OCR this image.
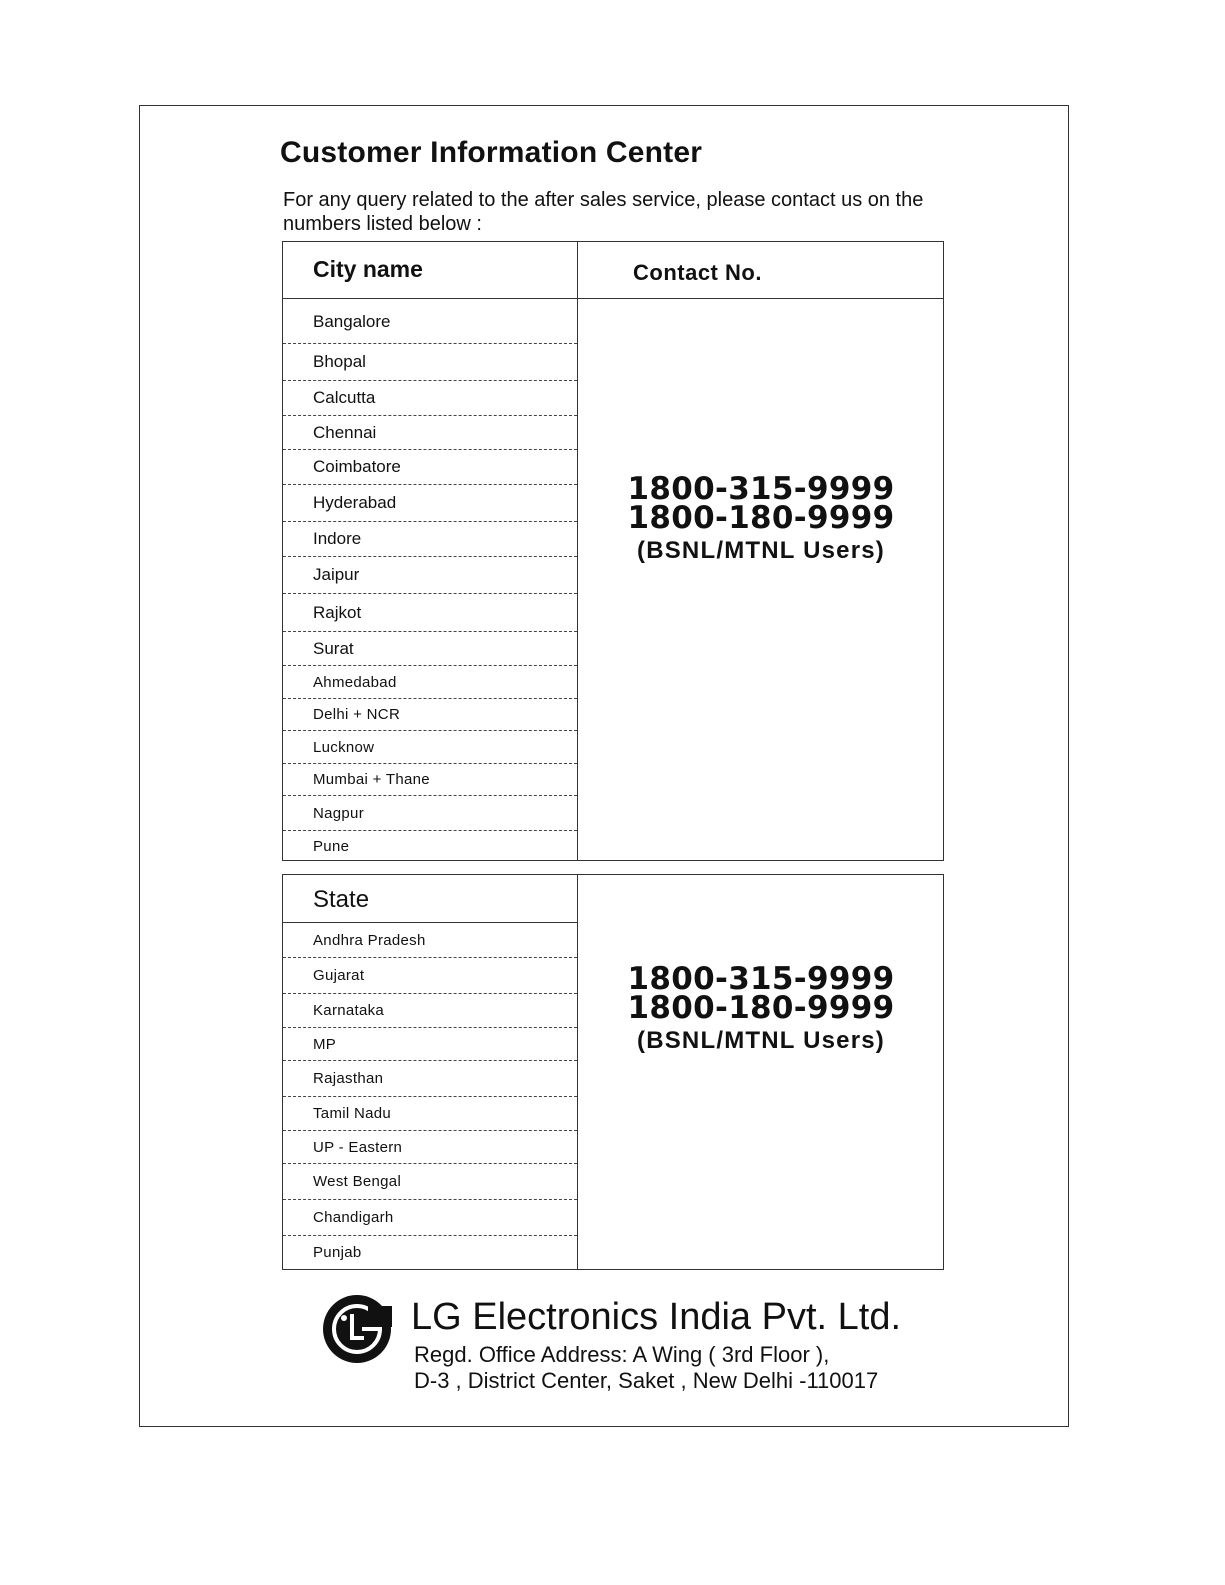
Customer Information Center

For any query related to the after sales service, please contact us on the numbers listed below :

City name	Contact No.
Bangalore
Bhopal
Calcutta
Chennai
Coimbatore
Hyderabad
Indore
Jaipur
Rajkot
Surat
Ahmedabad
Delhi + NCR
Lucknow
Mumbai + Thane
Nagpur
Pune
1800-315-9999
1800-180-9999
(BSNL/MTNL Users)
State
Andhra Pradesh
Gujarat
Karnataka
MP
Rajasthan
Tamil Nadu
UP - Eastern
West Bengal
Chandigarh
Punjab
1800-315-9999
1800-180-9999
(BSNL/MTNL Users)
LG Electronics India Pvt. Ltd.
Regd. Office Address: A Wing ( 3rd Floor ),
D-3 , District Center, Saket , New Delhi -110017
